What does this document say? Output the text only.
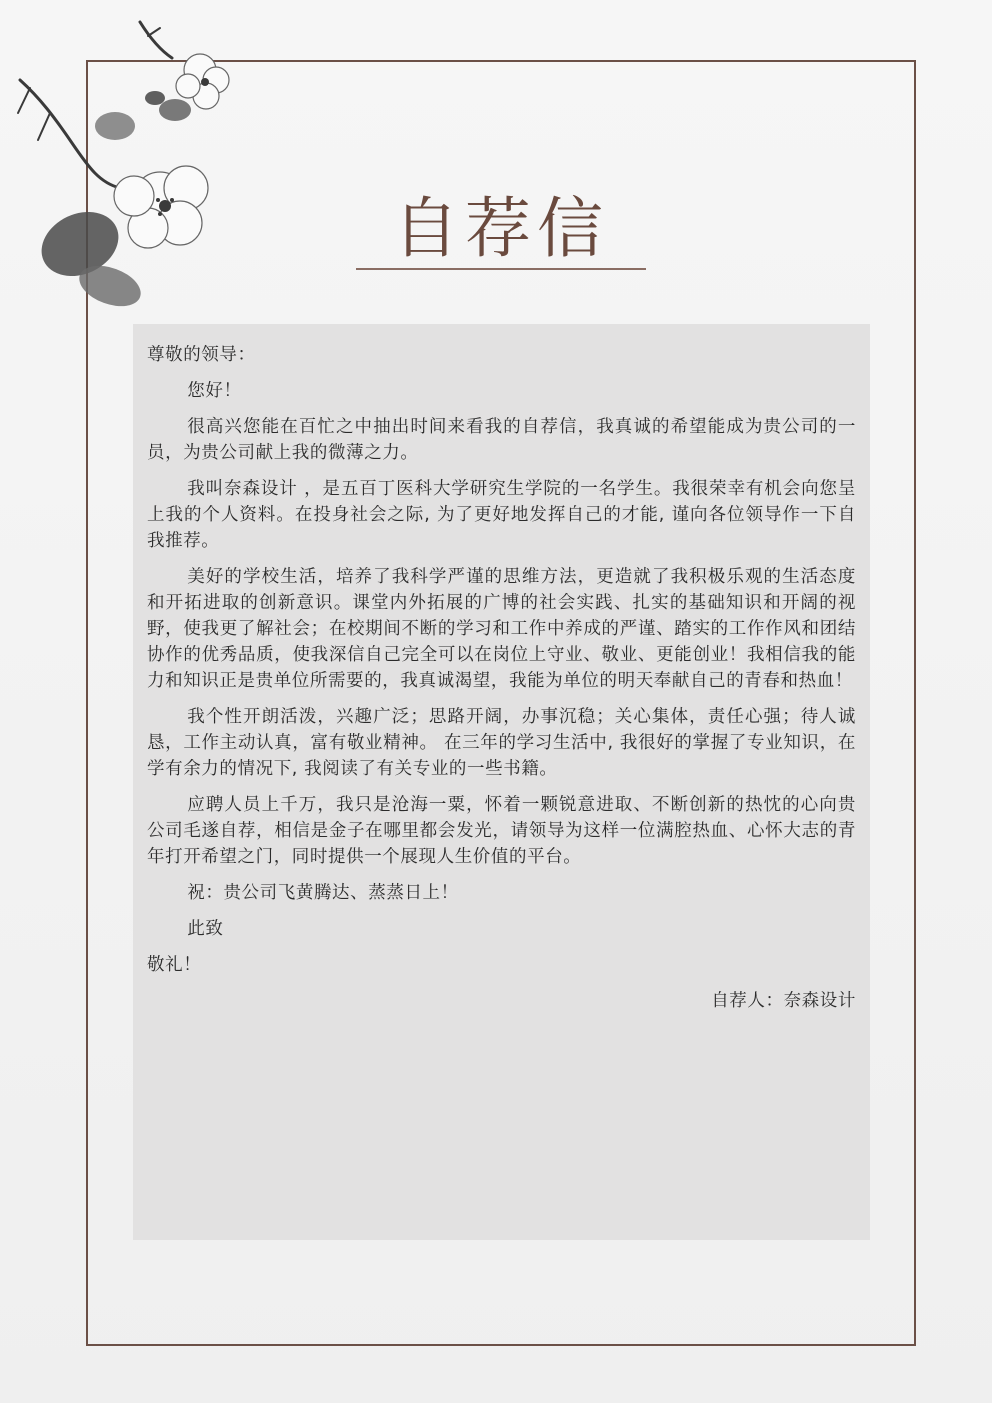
自荐信

尊敬的领导：

您好！

很高兴您能在百忙之中抽出时间来看我的自荐信，我真诚的希望能成为贵公司的一员，为贵公司献上我的微薄之力。

我叫奈森设计 ，是五百丁医科大学研究生学院的一名学生。我很荣幸有机会向您呈上我的个人资料。在投身社会之际, 为了更好地发挥自己的才能, 谨向各位领导作一下自我推荐。

美好的学校生活，培养了我科学严谨的思维方法，更造就了我积极乐观的生活态度和开拓进取的创新意识。课堂内外拓展的广博的社会实践、扎实的基础知识和开阔的视野，使我更了解社会；在校期间不断的学习和工作中养成的严谨、踏实的工作作风和团结协作的优秀品质，使我深信自己完全可以在岗位上守业、敬业、更能创业！我相信我的能力和知识正是贵单位所需要的，我真诚渴望，我能为单位的明天奉献自己的青春和热血！

我个性开朗活泼，兴趣广泛；思路开阔，办事沉稳；关心集体，责任心强；待人诚恳，工作主动认真，富有敬业精神。 在三年的学习生活中, 我很好的掌握了专业知识，在学有余力的情况下, 我阅读了有关专业的一些书籍。

应聘人员上千万，我只是沧海一粟，怀着一颗锐意进取、不断创新的热忱的心向贵公司毛遂自荐，相信是金子在哪里都会发光，请领导为这样一位满腔热血、心怀大志的青年打开希望之门，同时提供一个展现人生价值的平台。

祝：贵公司飞黄腾达、蒸蒸日上！

此致

敬礼！

自荐人：奈森设计
